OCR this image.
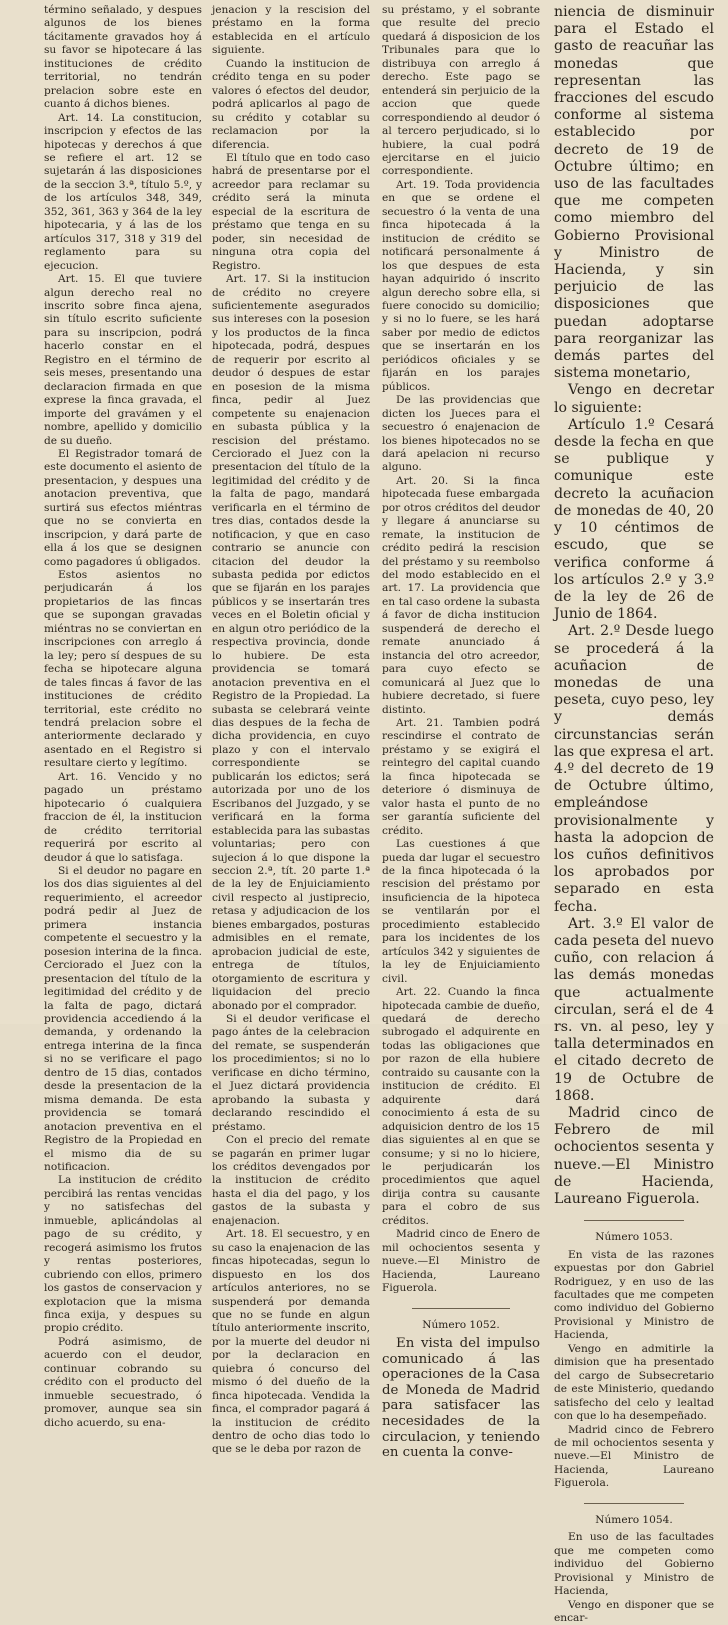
término señalado, y despues algunos de los bienes tácitamente gravados hoy á su favor se hipotecare á las instituciones de crédito territorial, no tendrán prelacion sobre este en cuanto á dichos bienes.

Art. 14. La constitucion, inscripcion y efectos de las hipotecas y derechos á que se refiere el art. 12 se sujetarán á las disposiciones de la seccion 3.ª, título 5.º, y de los artículos 348, 349, 352, 361, 363 y 364 de la ley hipotecaria, y á las de los artículos 317, 318 y 319 del reglamento para su ejecucion.

Art. 15. El que tuviere algun derecho real no inscrito sobre finca ajena, sin título escrito suficiente para su inscripcion, podrá hacerlo constar en el Registro en el término de seis meses, presentando una declaracion firmada en que exprese la finca gravada, el importe del gravámen y el nombre, apellido y domicilio de su dueño.

El Registrador tomará de este documento el asiento de presentacion, y despues una anotacion preventiva, que surtirá sus efectos miéntras que no se convierta en inscripcion, y dará parte de ella á los que se designen como pagadores ú obligados.

Estos asientos no perjudicarán á los propietarios de las fincas que se supongan gravadas miéntras no se conviertan en inscripciones con arreglo á la ley; pero sí despues de su fecha se hipotecare alguna de tales fincas á favor de las instituciones de crédito territorial, este crédito no tendrá prelacion sobre el anteriormente declarado y asentado en el Registro si resultare cierto y legítimo.

Art. 16. Vencido y no pagado un préstamo hipotecario ó cualquiera fraccion de él, la institucion de crédito territorial requerirá por escrito al deudor á que lo satisfaga.

Si el deudor no pagare en los dos dias siguientes al del requerimiento, el acreedor podrá pedir al Juez de primera instancia competente el secuestro y la posesion interina de la finca. Cerciorado el Juez con la presentacion del título de la legitimidad del crédito y de la falta de pago, dictará providencia accediendo á la demanda, y ordenando la entrega interina de la finca si no se verificare el pago dentro de 15 dias, contados desde la presentacion de la misma demanda. De esta providencia se tomará anotacion preventiva en el Registro de la Propiedad en el mismo dia de su notificacion.

La institucion de crédito percibirá las rentas vencidas y no satisfechas del inmueble, aplicándolas al pago de su crédito, y recogerá asimismo los frutos y rentas posteriores, cubriendo con ellos, primero los gastos de conservacion y explotacion que la misma finca exija, y despues su propio crédito.

Podrá asimismo, de acuerdo con el deudor, continuar cobrando su crédito con el producto del inmueble secuestrado, ó promover, aunque sea sin dicho acuerdo, su ena-

jenacion y la rescision del préstamo en la forma establecida en el artículo siguiente.

Cuando la institucion de crédito tenga en su poder valores ó efectos del deudor, podrá aplicarlos al pago de su crédito y cotablar su reclamacion por la diferencia.

El título que en todo caso habrá de presentarse por el acreedor para reclamar su crédito será la minuta especial de la escritura de préstamo que tenga en su poder, sin necesidad de ninguna otra copia del Registro.

Art. 17. Si la institucion de crédito no creyere suficientemente asegurados sus intereses con la posesion y los productos de la finca hipotecada, podrá, despues de requerir por escrito al deudor ó despues de estar en posesion de la misma finca, pedir al Juez competente su enajenacion en subasta pública y la rescision del préstamo. Cerciorado el Juez con la presentacion del título de la legitimidad del crédito y de la falta de pago, mandará verificarla en el término de tres dias, contados desde la notificacion, y que en caso contrario se anuncie con citacion del deudor la subasta pedida por edictos que se fijarán en los parajes públicos y se insertarán tres veces en el Boletin oficial y en algun otro periódico de la respectiva provincia, donde lo hubiere. De esta providencia se tomará anotacion preventiva en el Registro de la Propiedad. La subasta se celebrará veinte dias despues de la fecha de dicha providencia, en cuyo plazo y con el intervalo correspondiente se publicarán los edictos; será autorizada por uno de los Escribanos del Juzgado, y se verificará en la forma establecida para las subastas voluntarias; pero con sujecion á lo que dispone la seccion 2.ª, tít. 20 parte 1.ª de la ley de Enjuiciamiento civil respecto al justiprecio, retasa y adjudicacion de los bienes embargados, posturas admisibles en el remate, aprobacion judicial de este, entrega de títulos, otorgamiento de escritura y liquidacion del precio abonado por el comprador.

Si el deudor verificase el pago ántes de la celebracion del remate, se suspenderán los procedimientos; si no lo verificase en dicho término, el Juez dictará providencia aprobando la subasta y declarando rescindido el préstamo.

Con el precio del remate se pagarán en primer lugar los créditos devengados por la institucion de crédito hasta el dia del pago, y los gastos de la subasta y enajenacion.

Art. 18. El secuestro, y en su caso la enajenacion de las fincas hipotecadas, segun lo dispuesto en los dos artículos anteriores, no se suspenderá por demanda que no se funde en algun título anteriormente inscrito, por la muerte del deudor ni por la declaracion en quiebra ó concurso del mismo ó del dueño de la finca hipotecada. Vendida la finca, el comprador pagará á la institucion de crédito dentro de ocho dias todo lo que se le deba por razon de

su préstamo, y el sobrante que resulte del precio quedará á disposicion de los Tribunales para que lo distribuya con arreglo á derecho. Este pago se entenderá sin perjuicio de la accion que quede correspondiendo al deudor ó al tercero perjudicado, si lo hubiere, la cual podrá ejercitarse en el juicio correspondiente.

Art. 19. Toda providencia en que se ordene el secuestro ó la venta de una finca hipotecada á la institucion de crédito se notificará personalmente á los que despues de esta hayan adquirido ó inscrito algun derecho sobre ella, si fuere conocido su domicilio; y si no lo fuere, se les hará saber por medio de edictos que se insertarán en los periódicos oficiales y se fijarán en los parajes públicos.

De las providencias que dicten los Jueces para el secuestro ó enajenacion de los bienes hipotecados no se dará apelacion ni recurso alguno.

Art. 20. Si la finca hipotecada fuese embargada por otros créditos del deudor y llegare á anunciarse su remate, la institucion de crédito pedirá la rescision del préstamo y su reembolso del modo establecido en el art. 17. La providencia que en tal caso ordene la subasta á favor de dicha institucion suspenderá de derecho el remate anunciado á instancia del otro acreedor, para cuyo efecto se comunicará al Juez que lo hubiere decretado, si fuere distinto.

Art. 21. Tambien podrá rescindirse el contrato de préstamo y se exigirá el reintegro del capital cuando la finca hipotecada se deteriore ó disminuya de valor hasta el punto de no ser garantía suficiente del crédito.

Las cuestiones á que pueda dar lugar el secuestro de la finca hipotecada ó la rescision del préstamo por insuficiencia de la hipoteca se ventilarán por el procedimiento establecido para los incidentes de los artículos 342 y siguientes de la ley de Enjuiciamiento civil.

Art. 22. Cuando la finca hipotecada cambie de dueño, quedará de derecho subrogado el adquirente en todas las obligaciones que por razon de ella hubiere contraido su causante con la institucion de crédito. El adquirente dará conocimiento á esta de su adquisicion dentro de los 15 dias siguientes al en que se consume; y si no lo hiciere, le perjudicarán los procedimientos que aquel dirija contra su causante para el cobro de sus créditos.

Madrid cinco de Enero de mil ochocientos sesenta y nueve.—El Ministro de Hacienda, Laureano Figuerola.

Número 1052.

En vista del impulso comunicado á las operaciones de la Casa de Moneda de Madrid para satisfacer las necesidades de la circulacion, y teniendo en cuenta la conve-

niencia de disminuir para el Estado el gasto de reacuñar las monedas que representan las fracciones del escudo conforme al sistema establecido por decreto de 19 de Octubre último; en uso de las facultades que me competen como miembro del Gobierno Provisional y Ministro de Hacienda, y sin perjuicio de las disposiciones que puedan adoptarse para reorganizar las demás partes del sistema monetario,

Vengo en decretar lo siguiente:

Artículo 1.º Cesará desde la fecha en que se publique y comunique este decreto la acuñacion de monedas de 40, 20 y 10 céntimos de escudo, que se verifica conforme á los artículos 2.º y 3.º de la ley de 26 de Junio de 1864.

Art. 2.º Desde luego se procederá á la acuñacion de monedas de una peseta, cuyo peso, ley y demás circunstancias serán las que expresa el art. 4.º del decreto de 19 de Octubre último, empleándose provisionalmente y hasta la adopcion de los cuños definitivos los aprobados por separado en esta fecha.

Art. 3.º El valor de cada peseta del nuevo cuño, con relacion á las demás monedas que actualmente circulan, será el de 4 rs. vn. al peso, ley y talla determinados en el citado decreto de 19 de Octubre de 1868.

Madrid cinco de Febrero de mil ochocientos sesenta y nueve.—El Ministro de Hacienda, Laureano Figuerola.

Número 1053.

En vista de las razones expuestas por don Gabriel Rodriguez, y en uso de las facultades que me competen como individuo del Gobierno Provisional y Ministro de Hacienda,

Vengo en admitirle la dimision que ha presentado del cargo de Subsecretario de este Ministerio, quedando satisfecho del celo y lealtad con que lo ha desempeñado.

Madrid cinco de Febrero de mil ochocientos sesenta y nueve.—El Ministro de Hacienda, Laureano Figuerola.

Número 1054.

En uso de las facultades que me competen como individuo del Gobierno Provisional y Ministro de Hacienda,

Vengo en disponer que se encar-
